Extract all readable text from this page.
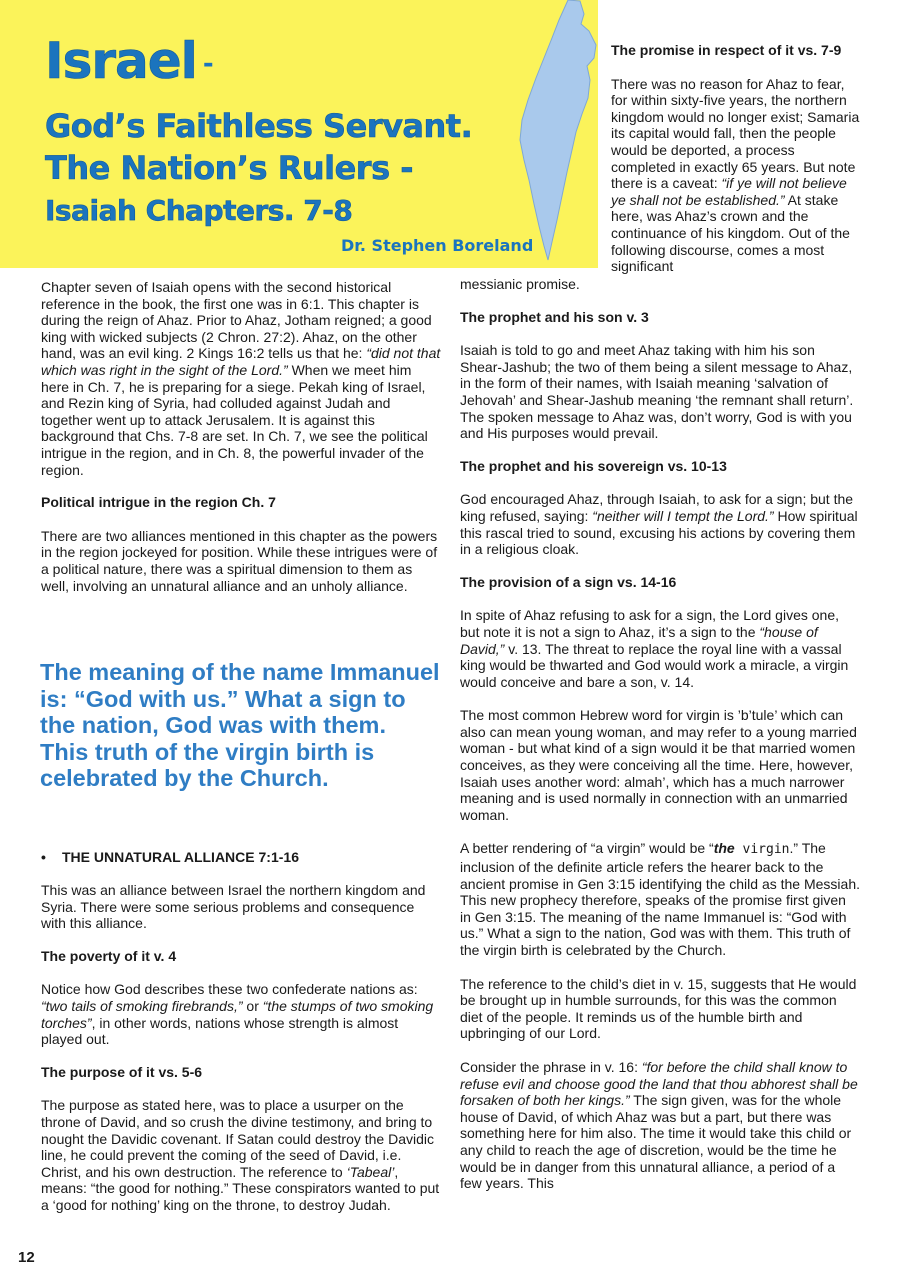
Israel -
God’s Faithless Servant.
The Nation’s Rulers -
Isaiah Chapters. 7-8

Dr. Stephen Boreland

Chapter seven of Isaiah opens with the second historical reference in the book, the first one was in 6:1. This chapter is during the reign of Ahaz. Prior to Ahaz, Jotham reigned; a good king with wicked subjects (2 Chron. 27:2). Ahaz, on the other hand, was an evil king. 2 Kings 16:2 tells us that he: “did not that which was right in the sight of the Lord.” When we meet him here in Ch. 7, he is preparing for a siege. Pekah king of Israel, and Rezin king of Syria, had colluded against Judah and together went up to attack Jerusalem. It is against this background that Chs. 7-8 are set. In Ch. 7, we see the political intrigue in the region, and in Ch. 8, the powerful invader of the region.

Political intrigue in the region Ch. 7

There are two alliances mentioned in this chapter as the powers in the region jockeyed for position. While these intrigues were of a political nature, there was a spiritual dimension to them as well, involving an unnatural alliance and an unholy alliance.

The meaning of the name Immanuel is: “God with us.” What a sign to the nation, God was with them. This truth of the virgin birth is celebrated by the Church.

• THE UNNATURAL ALLIANCE 7:1-16

This was an alliance between Israel the northern kingdom and Syria. There were some serious problems and consequence with this alliance.

The poverty of it v. 4

Notice how God describes these two confederate nations as: “two tails of smoking firebrands,” or “the stumps of two smoking torches”, in other words, nations whose strength is almost played out.

The purpose of it vs. 5-6

The purpose as stated here, was to place a usurper on the throne of David, and so crush the divine testimony, and bring to nought the Davidic covenant. If Satan could destroy the Davidic line, he could prevent the coming of the seed of David, i.e. Christ, and his own destruction. The reference to ‘Tabeal’, means: “the good for nothing.” These conspirators wanted to put a ‘good for nothing’ king on the throne, to destroy Judah.

The promise in respect of it vs. 7-9

There was no reason for Ahaz to fear, for within sixty-five years, the northern kingdom would no longer exist; Samaria its capital would fall, then the people would be deported, a process completed in exactly 65 years. But note there is a caveat: “if ye will not believe ye shall not be established.” At stake here, was Ahaz’s crown and the continuance of his kingdom. Out of the following discourse, comes a most significant

messianic promise.

The prophet and his son v. 3

Isaiah is told to go and meet Ahaz taking with him his son Shear-Jashub; the two of them being a silent message to Ahaz, in the form of their names, with Isaiah meaning ‘salvation of Jehovah’ and Shear-Jashub meaning ‘the remnant shall return’. The spoken message to Ahaz was, don’t worry, God is with you and His purposes would prevail.

The prophet and his sovereign vs. 10-13

God encouraged Ahaz, through Isaiah, to ask for a sign; but the king refused, saying: “neither will I tempt the Lord.” How spiritual this rascal tried to sound, excusing his actions by covering them in a religious cloak.

The provision of a sign vs. 14-16

In spite of Ahaz refusing to ask for a sign, the Lord gives one, but note it is not a sign to Ahaz, it’s a sign to the “house of David,” v. 13. The threat to replace the royal line with a vassal king would be thwarted and God would work a miracle, a virgin would conceive and bare a son, v. 14.

The most common Hebrew word for virgin is ’b’tule’ which can also can mean young woman, and may refer to a young married woman - but what kind of a sign would it be that married women conceives, as they were conceiving all the time. Here, however, Isaiah uses another word: almah’, which has a much narrower meaning and is used normally in connection with an unmarried woman.

A better rendering of “a virgin” would be “the virgin.” The inclusion of the definite article refers the hearer back to the ancient promise in Gen 3:15 identifying the child as the Messiah. This new prophecy therefore, speaks of the promise first given in Gen 3:15. The meaning of the name Immanuel is: “God with us.” What a sign to the nation, God was with them. This truth of the virgin birth is celebrated by the Church.

The reference to the child’s diet in v. 15, suggests that He would be brought up in humble surrounds, for this was the common diet of the people. It reminds us of the humble birth and upbringing of our Lord.

Consider the phrase in v. 16: “for before the child shall know to refuse evil and choose good the land that thou abhorest shall be forsaken of both her kings.” The sign given, was for the whole house of David, of which Ahaz was but a part, but there was something here for him also. The time it would take this child or any child to reach the age of discretion, would be the time he would be in danger from this unnatural alliance, a period of a few years. This

12
